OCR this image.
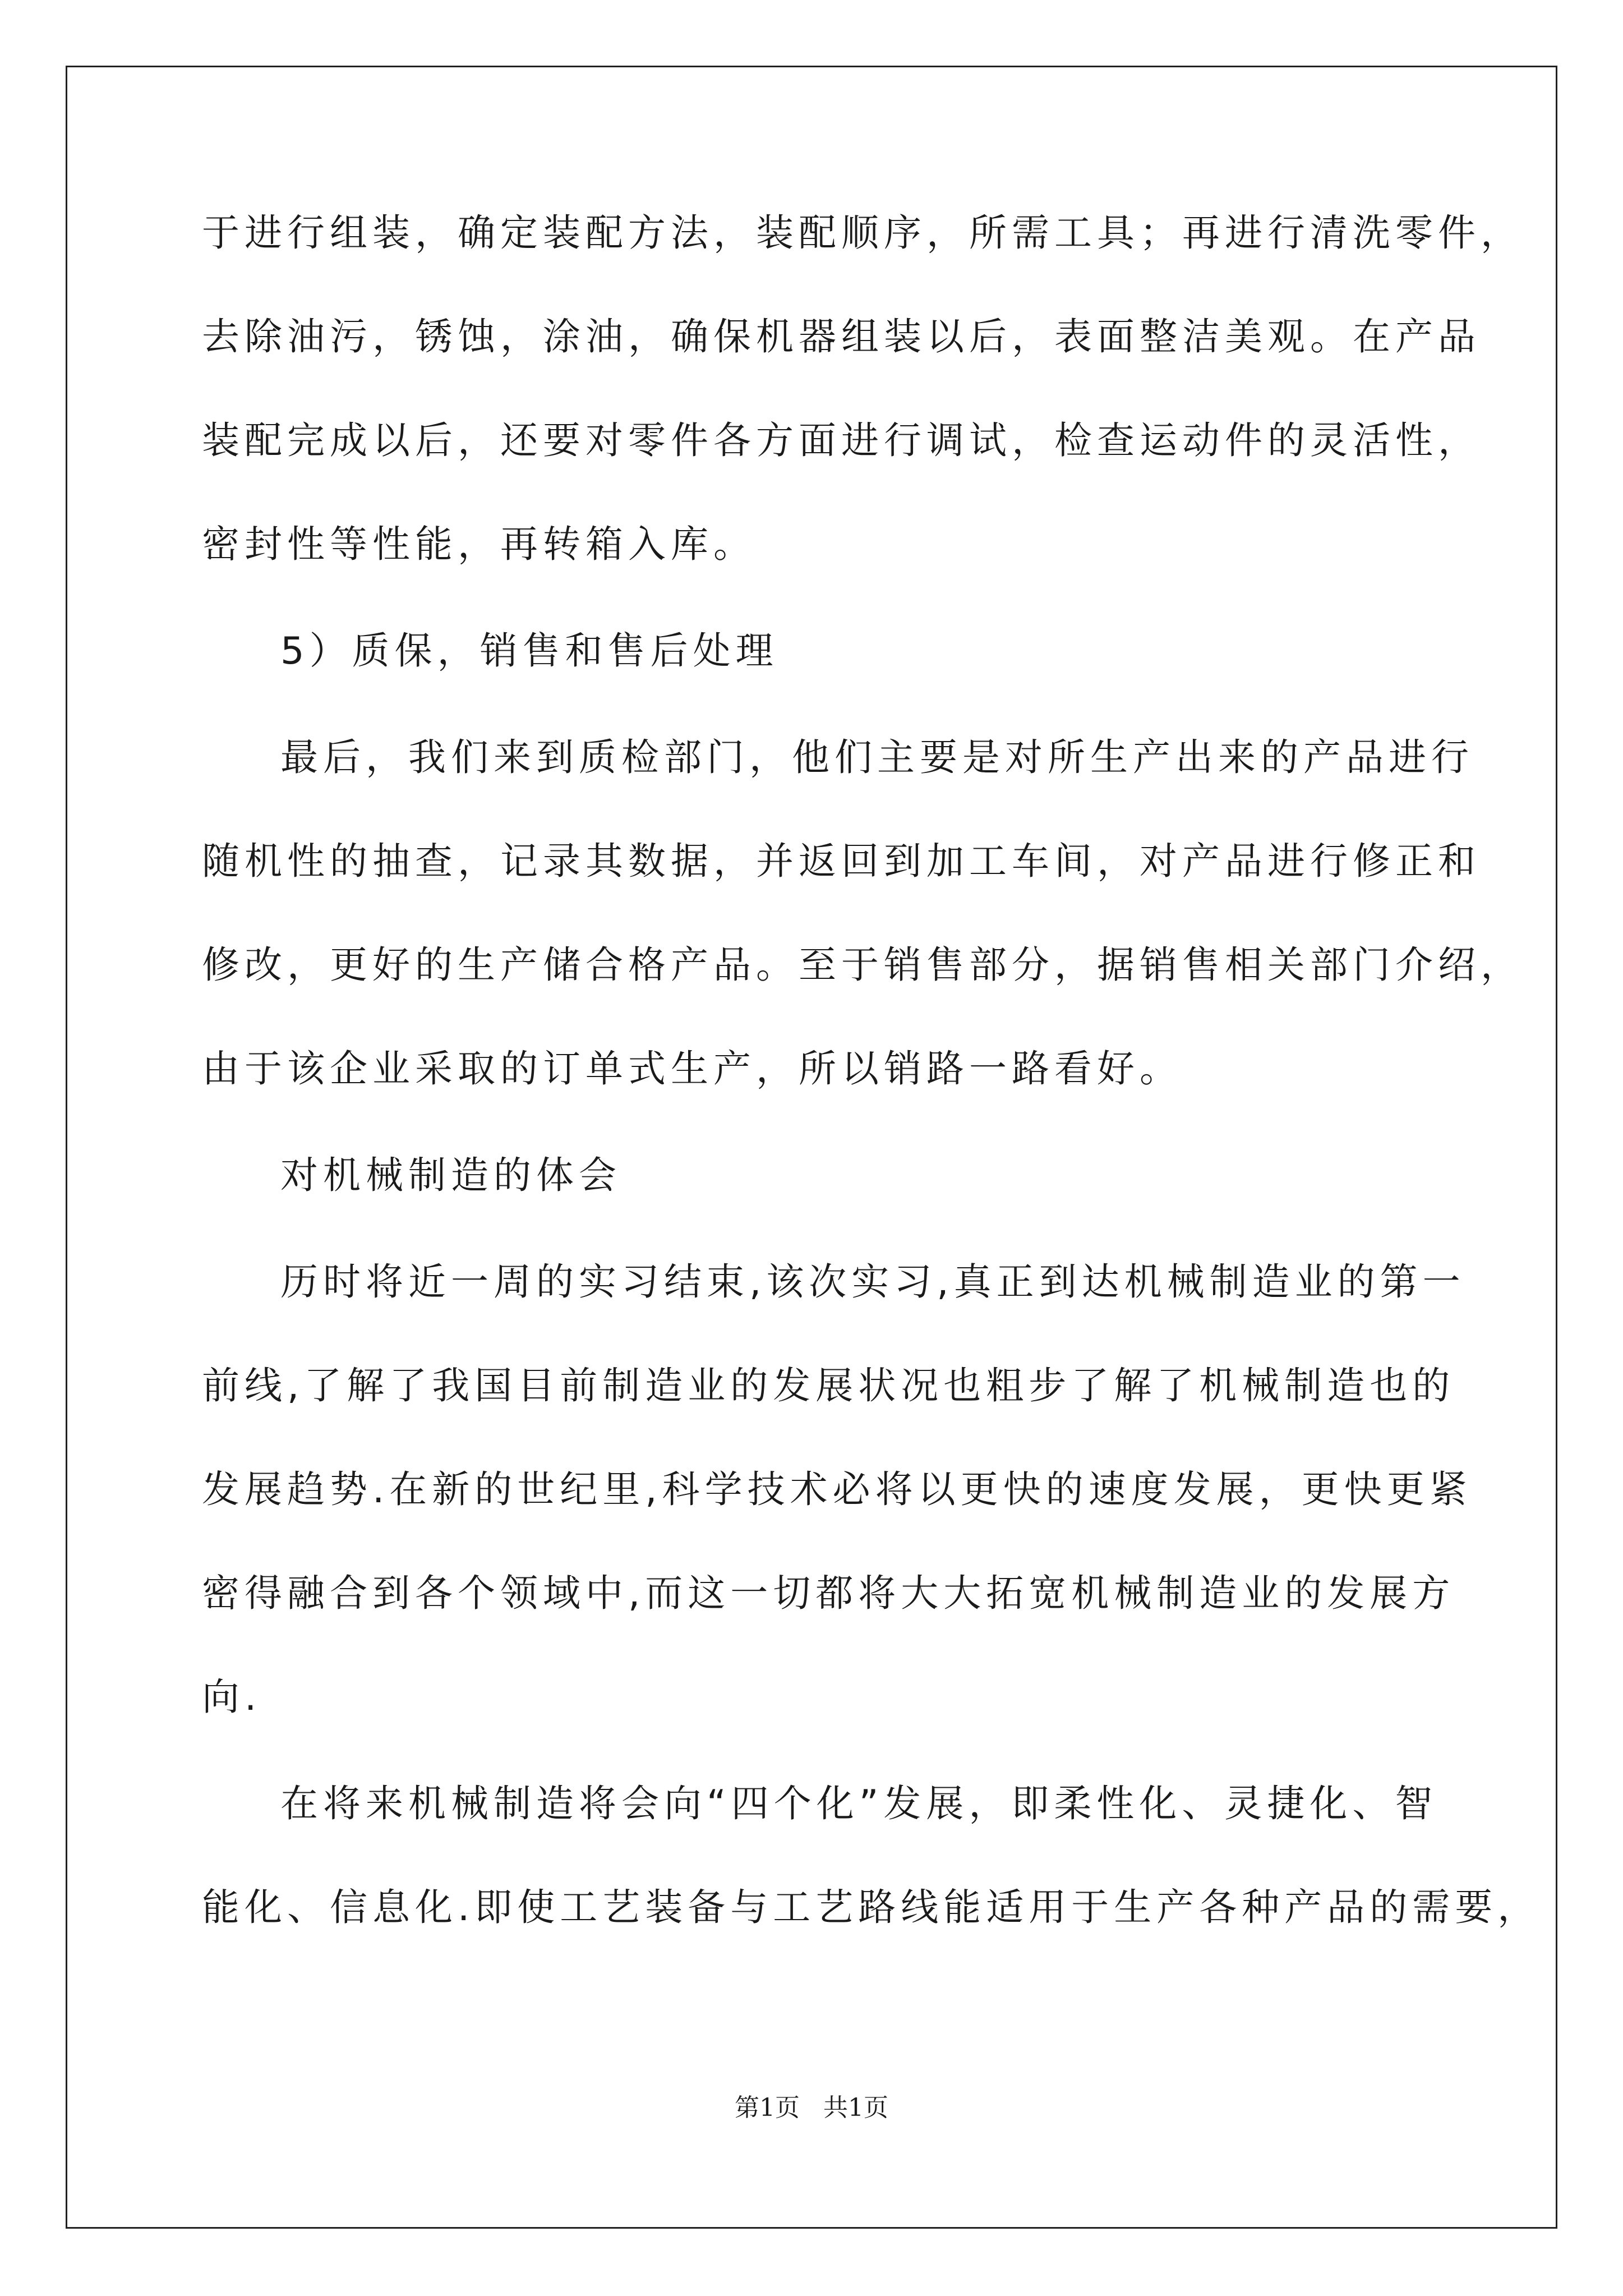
于进行组装，确定装配方法，装配顺序，所需工具；再进行清洗零件，
去除油污，锈蚀，涂油，确保机器组装以后，表面整洁美观。在产品
装配完成以后，还要对零件各方面进行调试，检查运动件的灵活性，
密封性等性能，再转箱入库。
5）质保，销售和售后处理
最后，我们来到质检部门，他们主要是对所生产出来的产品进行
随机性的抽查，记录其数据，并返回到加工车间，对产品进行修正和
修改，更好的生产储合格产品。至于销售部分，据销售相关部门介绍，
由于该企业采取的订单式生产，所以销路一路看好。
对机械制造的体会
历时将近一周的实习结束,该次实习,真正到达机械制造业的第一
前线,了解了我国目前制造业的发展状况也粗步了解了机械制造也的
发展趋势.在新的世纪里,科学技术必将以更快的速度发展，更快更紧
密得融合到各个领域中,而这一切都将大大拓宽机械制造业的发展方
向.
在将来机械制造将会向“四个化”发展，即柔性化、灵捷化、智
能化、信息化.即使工艺装备与工艺路线能适用于生产各种产品的需要，
第1页 共1页
